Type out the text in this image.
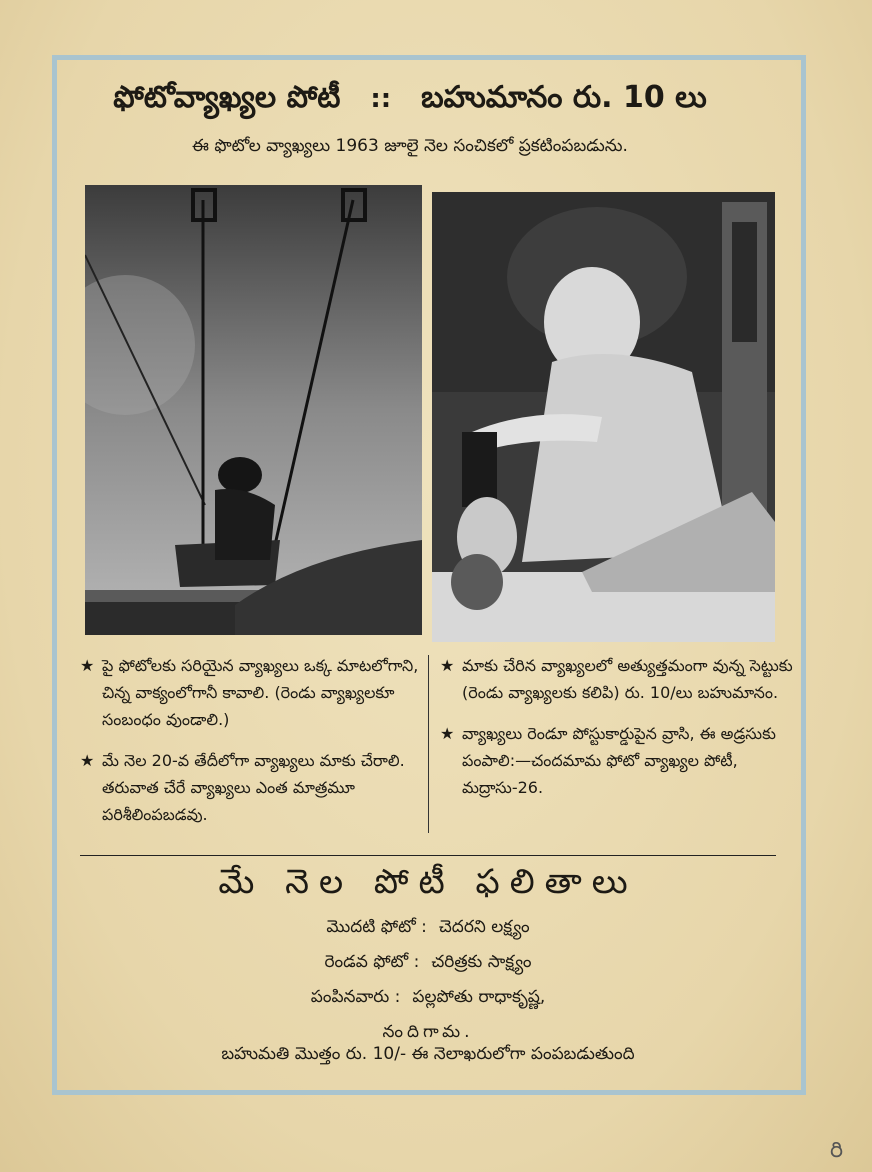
ఫోటోవ్యాఖ్యల పోటీ :: బహుమానం రు. 10 లు
ఈ ఫొటోల వ్యాఖ్యలు 1963 జూలై నెల సంచికలో ప్రకటింపబడును.
★ పై ఫోటోలకు సరియైన వ్యాఖ్యలు ఒక్క మాటలోగాని, చిన్న వాక్యంలోగానీ కావాలి. (రెండు వ్యాఖ్యలకూ సంబంధం వుండాలి.)
★ మే నెల 20-వ తేదీలోగా వ్యాఖ్యలు మాకు చేరాలి. తరువాత చేరే వ్యాఖ్యలు ఎంత మాత్రమూ పరిశీలింపబడవు.
★ మాకు చేరిన వ్యాఖ్యలలో అత్యుత్తమంగా వున్న సెట్టుకు (రెండు వ్యాఖ్యలకు కలిపి) రు. 10/లు బహుమానం.
★ వ్యాఖ్యలు రెండూ పోస్టుకార్డుపైన వ్రాసి, ఈ అడ్రసుకు పంపాలి:—చందమామ ఫోటో వ్యాఖ్యల పోటీ, మద్రాసు-26.
మే నెల పోటీ ఫలితాలు
మొదటి ఫోటో : చెదరని లక్ష్యం
రెండవ ఫోటో : చరిత్రకు సాక్ష్యం
పంపినవారు : పల్లపోతు రాధాకృష్ణ,
నందిగామ.
బహుమతి మొత్తం రు. 10/- ఈ నెలాఖరులోగా పంపబడుతుంది
రి
